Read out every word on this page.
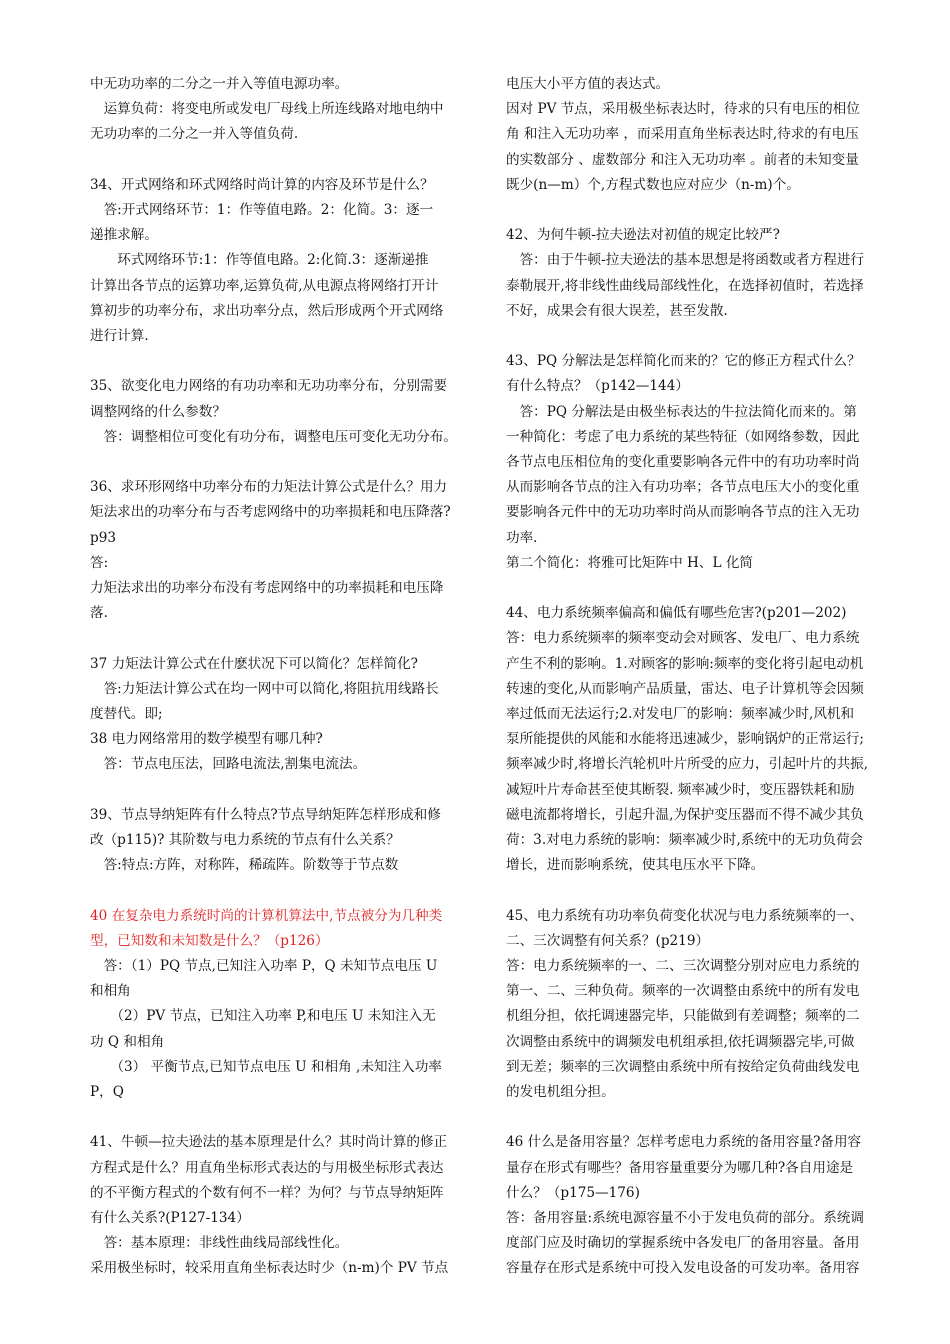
中无功功率的二分之一并入等值电源功率。

　运算负荷：将变电所或发电厂母线上所连线路对地电纳中

无功功率的二分之一并入等值负荷.

34、开式网络和环式网络时尚计算的内容及环节是什么？

　答:开式网络环节：1：作等值电路。2：化简。3：逐一

递推求解。

　　环式网络环节:1：作等值电路。2:化简.3：逐渐递推

计算出各节点的运算功率,运算负荷,从电源点将网络打开计

算初步的功率分布，求出功率分点，然后形成两个开式网络

进行计算.

35、欲变化电力网络的有功功率和无功功率分布，分别需要

调整网络的什么参数？

　答：调整相位可变化有功分布，调整电压可变化无功分布。

36、求环形网络中功率分布的力矩法计算公式是什么？用力

矩法求出的功率分布与否考虑网络中的功率损耗和电压降落?

p93

答:

力矩法求出的功率分布没有考虑网络中的功率损耗和电压降

落.

37 力矩法计算公式在什麽状况下可以简化？怎样简化?

　答:力矩法计算公式在均一网中可以简化,将阻抗用线路长

度替代。即;

38 电力网络常用的数学模型有哪几种?

　答：节点电压法，回路电流法,割集电流法。

39、节点导纳矩阵有什么特点?节点导纳矩阵怎样形成和修

改（p115)? 其阶数与电力系统的节点有什么关系？

　答:特点:方阵，对称阵，稀疏阵。阶数等于节点数

40 在复杂电力系统时尚的计算机算法中,节点被分为几种类

型，已知数和未知数是什么？（p126）

　答：（1）PQ 节点,已知注入功率 P，Q 未知节点电压 U

和相角

　　（2）PV 节点，已知注入功率 P,和电压 U 未知注入无

功 Q 和相角

　　（3） 平衡节点,已知节点电压 U 和相角 ,未知注入功率

P，Q

41、牛顿—拉夫逊法的基本原理是什么？其时尚计算的修正

方程式是什么？用直角坐标形式表达的与用极坐标形式表达

的不平衡方程式的个数有何不一样？为何？与节点导纳矩阵

有什么关系?(P127-134）

　答：基本原理：非线性曲线局部线性化。

采用极坐标时，较采用直角坐标表达时少（n-m)个 PV 节点

电压大小平方值的表达式。

因对 PV 节点，采用极坐标表达时，待求的只有电压的相位

角 和注入无功功率 ，而采用直角坐标表达时,待求的有电压

的实数部分 、虚数部分 和注入无功功率 。前者的未知变量

既少(n—m）个,方程式数也应对应少（n-m)个。

42、为何牛顿-拉夫逊法对初值的规定比较严?

　答：由于牛顿-拉夫逊法的基本思想是将函数或者方程进行

泰勒展开,将非线性曲线局部线性化，在选择初值时，若选择

不好，成果会有很大误差，甚至发散.

43、PQ 分解法是怎样简化而来的？它的修正方程式什么？

有什么特点？（p142—144）

　答：PQ 分解法是由极坐标表达的牛拉法简化而来的。第

一种简化：考虑了电力系统的某些特征（如网络参数，因此

各节点电压相位角的变化重要影响各元件中的有功功率时尚

从而影响各节点的注入有功功率；各节点电压大小的变化重

要影响各元件中的无功功率时尚从而影响各节点的注入无功

功率.

第二个简化：将雅可比矩阵中 H、L 化简

44、电力系统频率偏高和偏低有哪些危害?(p201—202)

答：电力系统频率的频率变动会对顾客、发电厂、电力系统

产生不利的影响。1.对顾客的影响:频率的变化将引起电动机

转速的变化,从而影响产品质量，雷达、电子计算机等会因频

率过低而无法运行;2.对发电厂的影响：频率减少时,风机和

泵所能提供的风能和水能将迅速减少，影响锅炉的正常运行;

频率减少时,将增长汽轮机叶片所受的应力，引起叶片的共振,

减短叶片寿命甚至使其断裂. 频率减少时，变压器铁耗和励

磁电流都将增长，引起升温,为保护变压器而不得不减少其负

荷：3.对电力系统的影响：频率减少时,系统中的无功负荷会

增长，进而影响系统，使其电压水平下降。

45、电力系统有功功率负荷变化状况与电力系统频率的一、

二、三次调整有何关系？(p219）

答：电力系统频率的一、二、三次调整分别对应电力系统的

第一、二、三种负荷。频率的一次调整由系统中的所有发电

机组分担，依托调速器完毕，只能做到有差调整；频率的二

次调整由系统中的调频发电机组承担,依托调频器完毕,可做

到无差；频率的三次调整由系统中所有按给定负荷曲线发电

的发电机组分担。

46 什么是备用容量？怎样考虑电力系统的备用容量?备用容

量存在形式有哪些？备用容量重要分为哪几种?各自用途是

什么？（p175—176)

答：备用容量:系统电源容量不小于发电负荷的部分。系统调

度部门应及时确切的掌握系统中各发电厂的备用容量。备用

容量存在形式是系统中可投入发电设备的可发功率。备用容
